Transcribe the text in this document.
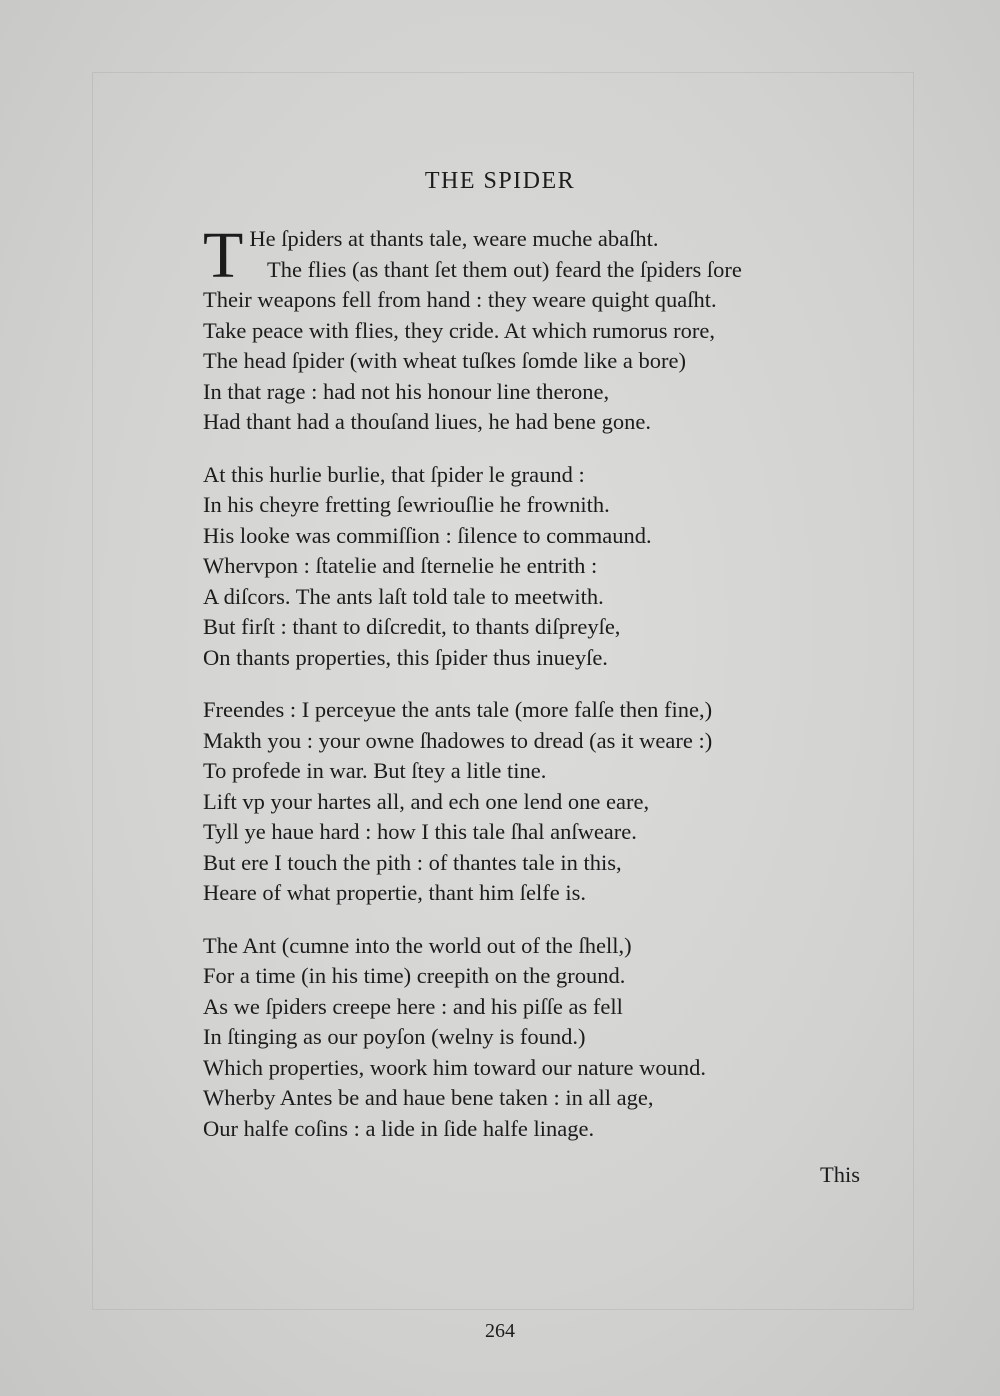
THE SPIDER
T He ſpiders at thants tale, weare muche abaſht.
The flies (as thant ſet them out) feard the ſpiders ſore
Their weapons fell from hand : they weare quight quaſht.
Take peace with flies, they cride. At which rumorus rore,
The head ſpider (with wheat tuſkes ſomde like a bore)
In that rage : had not his honour line therone,
Had thant had a thouſand liues, he had bene gone.
At this hurlie burlie, that ſpider le graund :
In his cheyre fretting ſewriouſlie he frownith.
His looke was commiſſion : ſilence to commaund.
Whervpon : ſtatelie and ſternelie he entrith :
A diſcors. The ants laſt told tale to meetwith.
But firſt : thant to diſcredit, to thants diſpreyſe,
On thants properties, this ſpider thus inueyſe.
Freendes : I perceyue the ants tale (more falſe then fine,)
Makth you : your owne ſhadowes to dread (as it weare :)
To profede in war. But ſtey a litle tine.
Lift vp your hartes all, and ech one lend one eare,
Tyll ye haue hard : how I this tale ſhal anſweare.
But ere I touch the pith : of thantes tale in this,
Heare of what propertie, thant him ſelfe is.
The Ant (cumne into the world out of the ſhell,)
For a time (in his time) creepith on the ground.
As we ſpiders creepe here : and his piſſe as fell
In ſtinging as our poyſon (welny is found.)
Which properties, woork him toward our nature wound.
Wherby Antes be and haue bene taken : in all age,
Our halfe coſins : a lide in ſide halfe linage.
This
264
